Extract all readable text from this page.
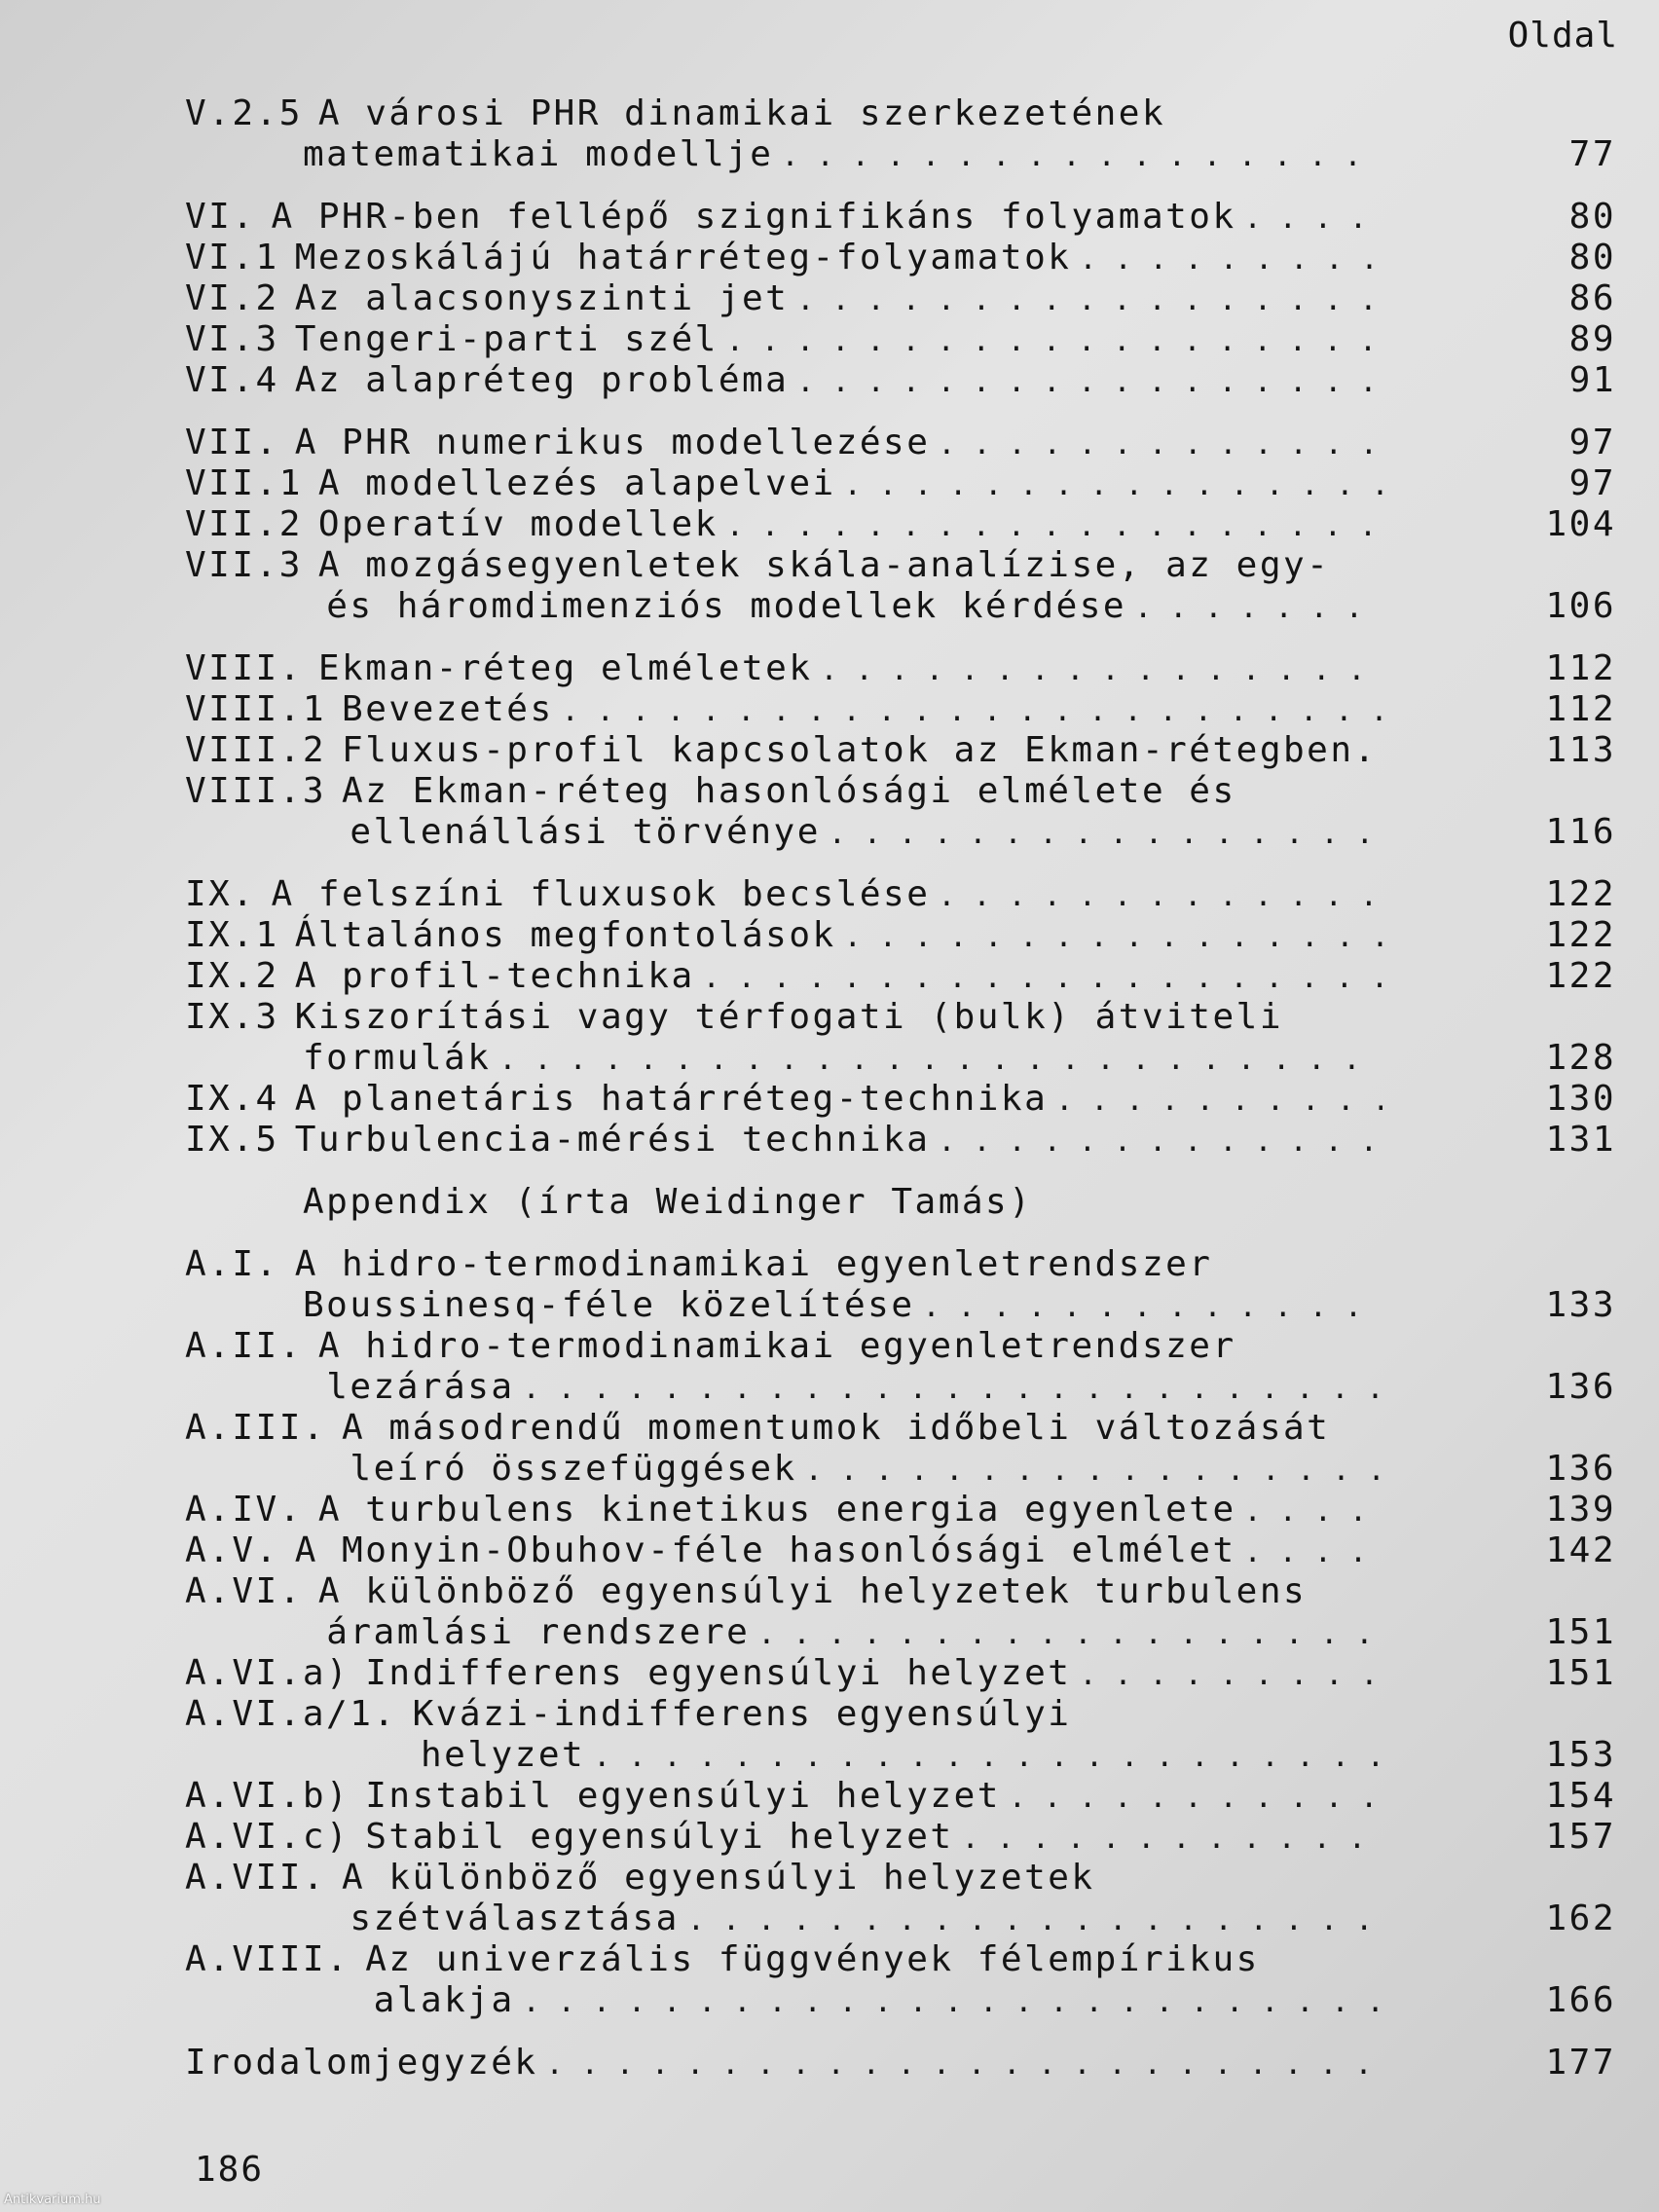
Oldal
V.2.5 A városi PHR dinamikai szerkezetének
matematikai modellje . . .	77
VI. A PHR-ben fellépő szignifikáns folyamatok . . .	80
VI.1 Mezoskálájú határréteg-folyamatok . . .	80
VI.2 Az alacsonyszinti jet . . .	86
VI.3 Tengeri-parti szél . . .	89
VI.4 Az alapréteg probléma . . .	91
VII. A PHR numerikus modellezése . . .	97
VII.1 A modellezés alapelvei . . .	97
VII.2 Operatív modellek . . .	104
VII.3 A mozgásegyenletek skála-analízise, az egy-
és háromdimenziós modellek kérdése . . .	106
VIII. Ekman-réteg elméletek . . .	112
VIII.1 Bevezetés . . .	112
VIII.2 Fluxus-profil kapcsolatok az Ekman-rétegben.	113
VIII.3 Az Ekman-réteg hasonlósági elmélete és
ellenállási törvénye . . .	116
IX. A felszíni fluxusok becslése . . .	122
IX.1 Általános megfontolások . . .	122
IX.2 A profil-technika . . .	122
IX.3 Kiszorítási vagy térfogati (bulk) átviteli
formulák . . .	128
IX.4 A planetáris határréteg-technika . . .	130
IX.5 Turbulencia-mérési technika . . .	131
Appendix (írta Weidinger Tamás)
A.I. A hidro-termodinamikai egyenletrendszer
Boussinesq-féle közelítése . . .	133
A.II. A hidro-termodinamikai egyenletrendszer
lezárása . . .	136
A.III. A másodrendű momentumok időbeli változását
leíró összefüggések . . .	136
A.IV. A turbulens kinetikus energia egyenlete . . .	139
A.V. A Monyin-Obuhov-féle hasonlósági elmélet . . .	142
A.VI. A különböző egyensúlyi helyzetek turbulens
áramlási rendszere . . .	151
A.VI.a) Indifferens egyensúlyi helyzet . . .	151
A.VI.a/1. Kvázi-indifferens egyensúlyi
helyzet . . .	153
A.VI.b) Instabil egyensúlyi helyzet . . .	154
A.VI.c) Stabil egyensúlyi helyzet . . .	157
A.VII. A különböző egyensúlyi helyzetek
szétválasztása . . .	162
A.VIII. Az univerzális függvények félempírikus
alakja . . .	166
Irodalomjegyzék . . .	177
186
Antikvarium.hu
